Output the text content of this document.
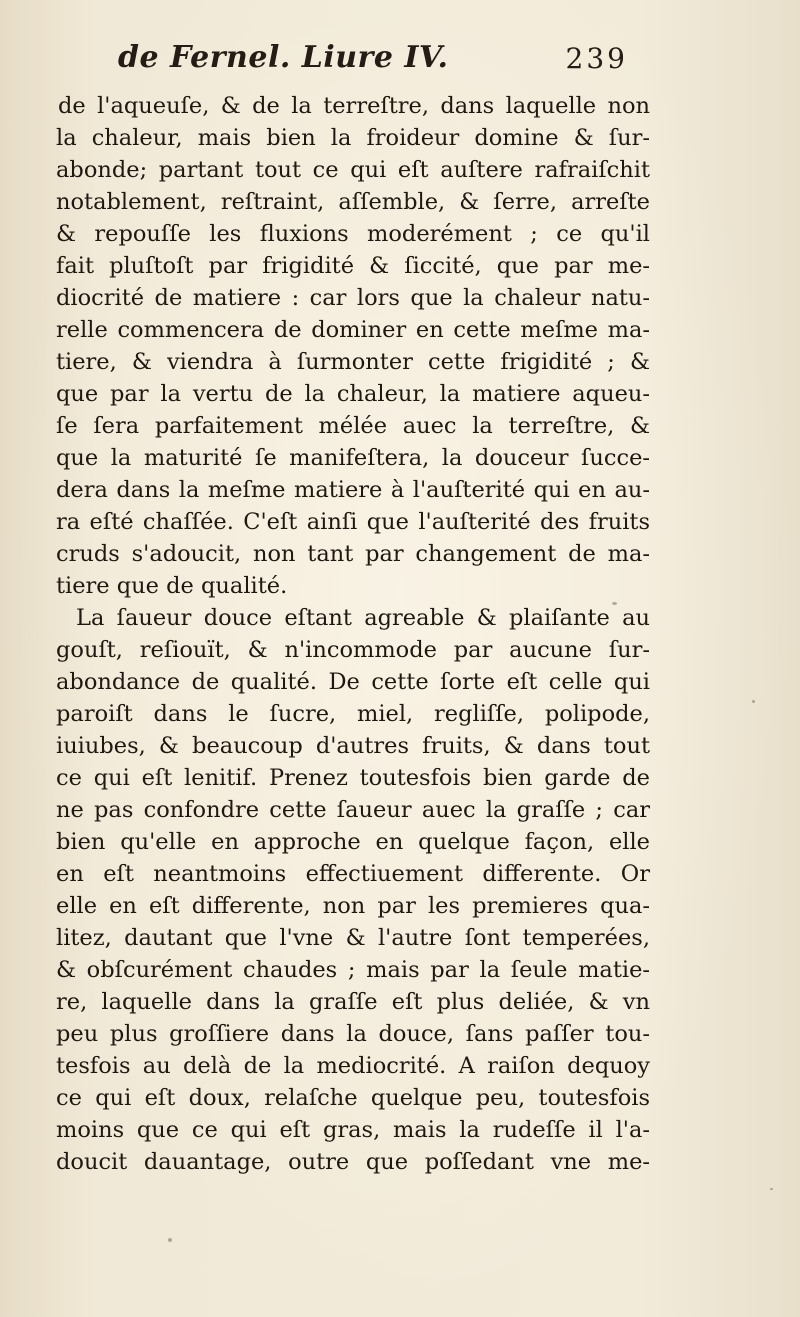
de Fernel. Liure IV.	239
de l'aqueuſe, & de la terreſtre, dans laquelle non
la chaleur, mais bien la froideur domine & ſur-
abonde; partant tout ce qui eſt auſtere rafraiſchit
notablement, reſtraint, aſſemble, & ſerre, arreſte
& repouſſe les fluxions moderément ; ce qu'il
fait pluſtoſt par frigidité & ſiccité, que par me-
diocrité de matiere : car lors que la chaleur natu-
relle commencera de dominer en cette meſme ma-
tiere, & viendra à ſurmonter cette frigidité ; &
que par la vertu de la chaleur, la matiere aqueu-
ſe ſera parfaitement mélée auec la terreſtre, &
que la maturité ſe manifeſtera, la douceur ſucce-
dera dans la meſme matiere à l'auſterité qui en au-
ra eſté chaſſée. C'eſt ainſi que l'auſterité des fruits
cruds s'adoucit, non tant par changement de ma-
tiere que de qualité.
La ſaueur douce eſtant agreable & plaiſante au
gouſt, reſiouït, & n'incommode par aucune ſur-
abondance de qualité. De cette ſorte eſt celle qui
paroiſt dans le ſucre, miel, regliſſe, polipode,
iuiubes, & beaucoup d'autres fruits, & dans tout
ce qui eſt lenitif. Prenez toutesfois bien garde de
ne pas confondre cette ſaueur auec la graſſe ; car
bien qu'elle en approche en quelque façon, elle
en eſt neantmoins effectiuement differente. Or
elle en eſt differente, non par les premieres qua-
litez, dautant que l'vne & l'autre ſont temperées,
& obſcurément chaudes ; mais par la ſeule matie-
re, laquelle dans la graſſe eſt plus deliée, & vn
peu plus groſſiere dans la douce, ſans paſſer tou-
tesfois au delà de la mediocrité. A raiſon dequoy
ce qui eſt doux, relaſche quelque peu, toutesfois
moins que ce qui eſt gras, mais la rudeſſe il l'a-
doucit dauantage, outre que poſſedant vne me-
